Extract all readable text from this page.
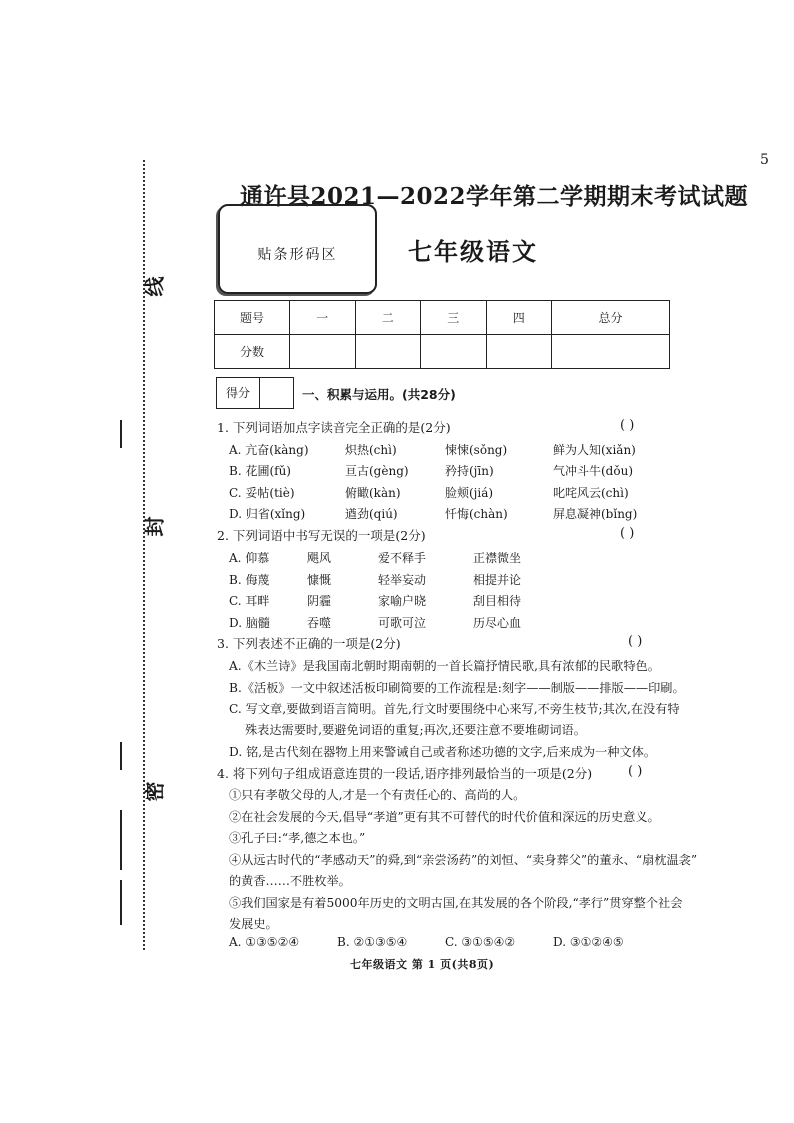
线
封
密
5
通许县2021—2022学年第二学期期末考试试题
贴条形码区	七年级语文
题号	一	二	三	四	总分
分数					
得分	一、积累与运用。(共28分)
1. 下列词语加点字读音完全正确的是(2分)	( )
A. 亢奋(kàng)	炽热(chì)	悚悚(sǒng)	鲜为人知(xiǎn)
B. 花圃(fǔ)	亘古(gèng)	矜持(jīn)	气冲斗牛(dǒu)
C. 妥帖(tiè)	俯瞰(kàn)	脸颊(jiá)	叱咤风云(chì)
D. 归省(xǐng)	遒劲(qiú)	忏悔(chàn)	屏息凝神(bǐng)
2. 下列词语中书写无误的一项是(2分)	( )
A. 仰慕	飓风	爱不释手	正襟微坐
B. 侮蔑	慷慨	轻举妄动	相提并论
C. 耳畔	阴霾	家喻户晓	刮目相待
D. 脑髓	吞噬	可歌可泣	历尽心血
3. 下列表述不正确的一项是(2分)	( )
A.《木兰诗》是我国南北朝时期南朝的一首长篇抒情民歌,具有浓郁的民歌特色。
B.《活板》一文中叙述活板印刷简要的工作流程是:刻字——制版——排版——印刷。
C. 写文章,要做到语言简明。首先,行文时要围绕中心来写,不旁生枝节;其次,在没有特
殊表达需要时,要避免词语的重复;再次,还要注意不要堆砌词语。
D. 铭,是古代刻在器物上用来警诫自己或者称述功德的文字,后来成为一种文体。
4. 将下列句子组成语意连贯的一段话,语序排列最恰当的一项是(2分)	( )
①只有孝敬父母的人,才是一个有责任心的、高尚的人。
②在社会发展的今天,倡导“孝道”更有其不可替代的时代价值和深远的历史意义。
③孔子曰:“孝,德之本也。”
④从远古时代的“孝感动天”的舜,到“亲尝汤药”的刘恒、“卖身葬父”的董永、“扇枕温衾”
的黄香……不胜枚举。
⑤我们国家是有着5000年历史的文明古国,在其发展的各个阶段,“孝行”贯穿整个社会
发展史。
A. ①③⑤②④	B. ②①③⑤④	C. ③①⑤④②	D. ③①②④⑤
七年级语文 第 1 页(共8页)
